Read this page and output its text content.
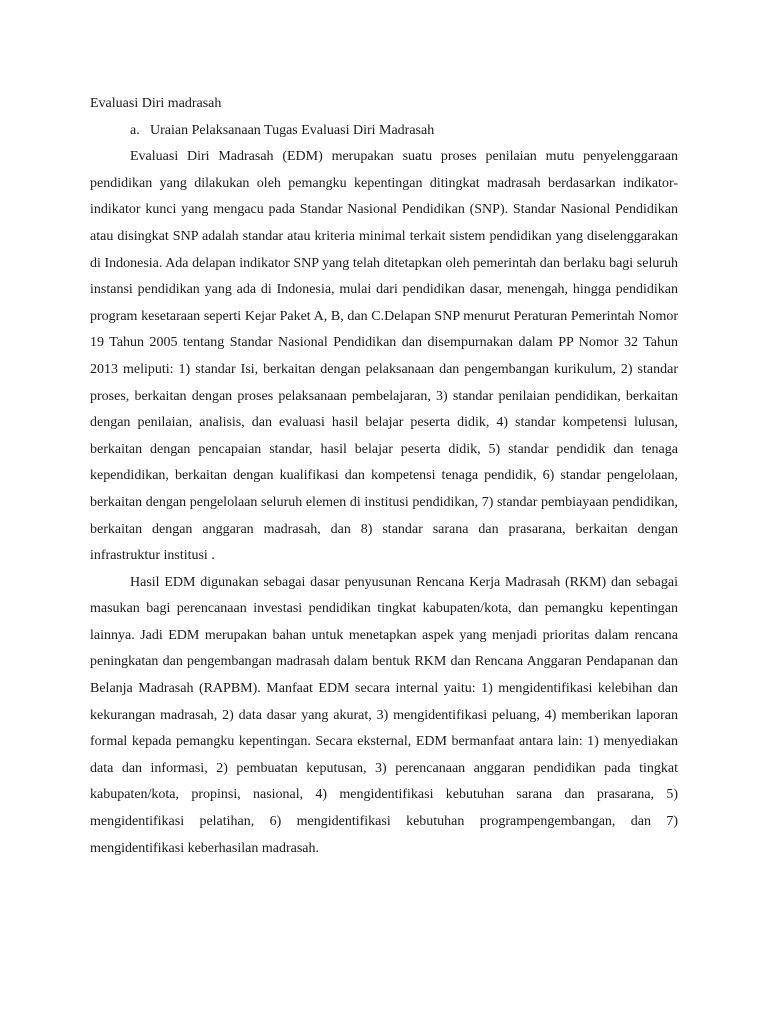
Evaluasi Diri madrasah

a. Uraian Pelaksanaan Tugas Evaluasi Diri Madrasah

Evaluasi Diri Madrasah (EDM) merupakan suatu proses penilaian mutu penyelenggaraan pendidikan yang dilakukan oleh pemangku kepentingan ditingkat madrasah berdasarkan indikator-indikator kunci yang mengacu pada Standar Nasional Pendidikan (SNP). Standar Nasional Pendidikan atau disingkat SNP adalah standar atau kriteria minimal terkait sistem pendidikan yang diselenggarakan di Indonesia. Ada delapan indikator SNP yang telah ditetapkan oleh pemerintah dan berlaku bagi seluruh instansi pendidikan yang ada di Indonesia, mulai dari pendidikan dasar, menengah, hingga pendidikan program kesetaraan seperti Kejar Paket A, B, dan C.Delapan SNP menurut Peraturan Pemerintah Nomor 19 Tahun 2005 tentang Standar Nasional Pendidikan dan disempurnakan dalam PP Nomor 32 Tahun 2013 meliputi: 1) standar Isi, berkaitan dengan pelaksanaan dan pengembangan kurikulum, 2) standar proses, berkaitan dengan proses pelaksanaan pembelajaran, 3) standar penilaian pendidikan, berkaitan dengan penilaian, analisis, dan evaluasi hasil belajar peserta didik, 4) standar kompetensi lulusan, berkaitan dengan pencapaian standar, hasil belajar peserta didik, 5) standar pendidik dan tenaga kependidikan, berkaitan dengan kualifikasi dan kompetensi tenaga pendidik, 6) standar pengelolaan, berkaitan dengan pengelolaan seluruh elemen di institusi pendidikan, 7) standar pembiayaan pendidikan, berkaitan dengan anggaran madrasah, dan 8) standar sarana dan prasarana, berkaitan dengan infrastruktur institusi .

Hasil EDM digunakan sebagai dasar penyusunan Rencana Kerja Madrasah (RKM) dan sebagai masukan bagi perencanaan investasi pendidikan tingkat kabupaten/kota, dan pemangku kepentingan lainnya. Jadi EDM merupakan bahan untuk menetapkan aspek yang menjadi prioritas dalam rencana peningkatan dan pengembangan madrasah dalam bentuk RKM dan Rencana Anggaran Pendapanan dan Belanja Madrasah (RAPBM). Manfaat EDM secara internal yaitu: 1) mengidentifikasi kelebihan dan kekurangan madrasah, 2) data dasar yang akurat, 3) mengidentifikasi peluang, 4) memberikan laporan formal kepada pemangku kepentingan. Secara eksternal, EDM bermanfaat antara lain: 1) menyediakan data dan informasi, 2) pembuatan keputusan, 3) perencanaan anggaran pendidikan pada tingkat kabupaten/kota, propinsi, nasional, 4) mengidentifikasi kebutuhan sarana dan prasarana, 5) mengidentifikasi pelatihan, 6) mengidentifikasi kebutuhan programpengembangan, dan 7) mengidentifikasi keberhasilan madrasah.
